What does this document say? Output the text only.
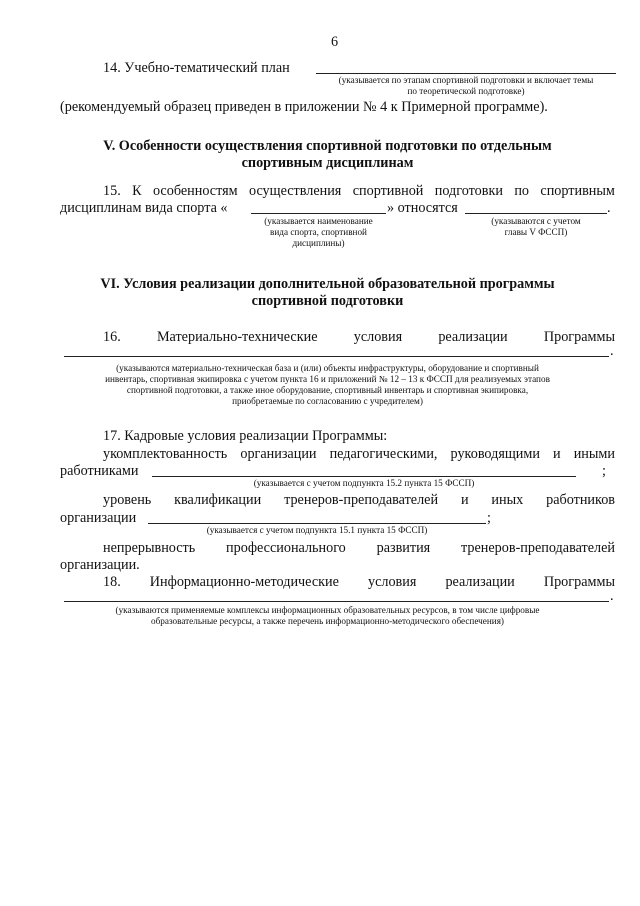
6
14. Учебно-тематический план
(указывается по этапам спортивной подготовки и включает темы
по теоретической подготовке)
(рекомендуемый образец приведен в приложении № 4 к Примерной программе).
V. Особенности осуществления спортивной подготовки по отдельным
спортивным дисциплинам
15. К особенностям осуществления спортивной подготовки по спортивным
дисциплинам вида спорта «	» относятся	.
(указывается наименование
вида спорта, спортивной
дисциплины)
(указываются с учетом
главы V ФССП)
VI. Условия реализации дополнительной образовательной программы
спортивной подготовки
16.	Материально-технические	условия	реализации	Программы
.
(указываются материально-техническая база и (или) объекты инфраструктуры, оборудование и спортивный
инвентарь, спортивная экипировка с учетом пункта 16 и приложений № 12 – 13 к ФССП для реализуемых этапов
спортивной подготовки, а также иное оборудование, спортивный инвентарь и спортивная экипировка,
приобретаемые по согласованию с учредителем)
17. Кадровые условия реализации Программы:
укомплектованность организации педагогическими, руководящими и иными
работниками	;
(указывается с учетом подпункта 15.2 пункта 15 ФССП)
уровень квалификации тренеров-преподавателей и иных работников
организации	;
(указывается с учетом подпункта 15.1 пункта 15 ФССП)
непрерывность профессионального развития тренеров-преподавателей
организации.
18. Информационно-методические условия реализации Программы
.
(указываются применяемые комплексы информационных образовательных ресурсов, в том числе цифровые
образовательные ресурсы, а также перечень информационно-методического обеспечения)
